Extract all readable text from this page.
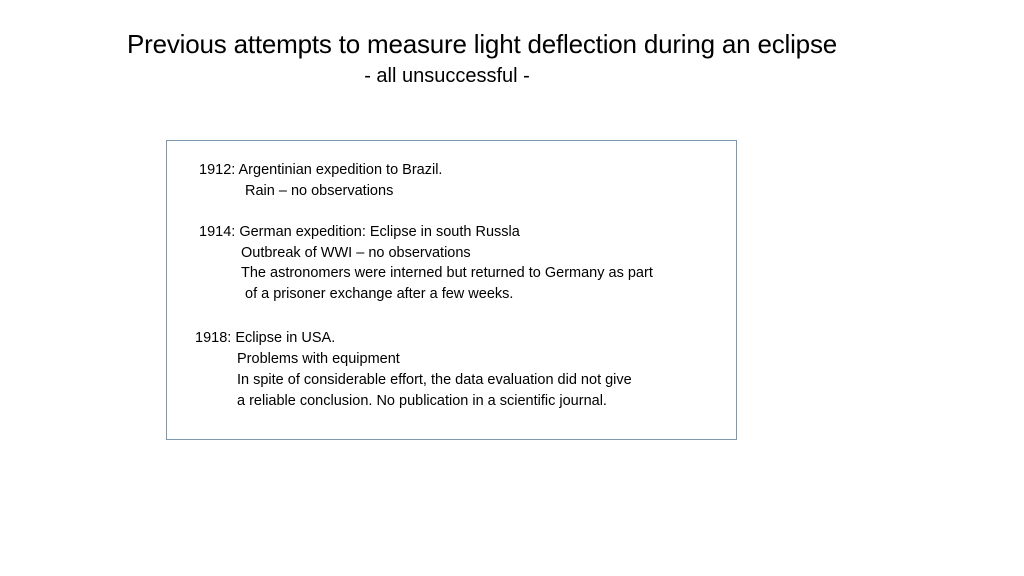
Previous attempts to measure light deflection during an eclipse
- all unsuccessful -
1912: Argentinian expedition to Brazil.
Rain – no observations
1914: German expedition: Eclipse in south Russla
Outbreak of WWI – no observations
The astronomers were interned but returned to Germany as part
of a prisoner exchange after a few weeks.
1918: Eclipse in USA.
Problems with equipment
In spite of considerable effort, the data evaluation did not give
a reliable conclusion. No publication in a scientific journal.
